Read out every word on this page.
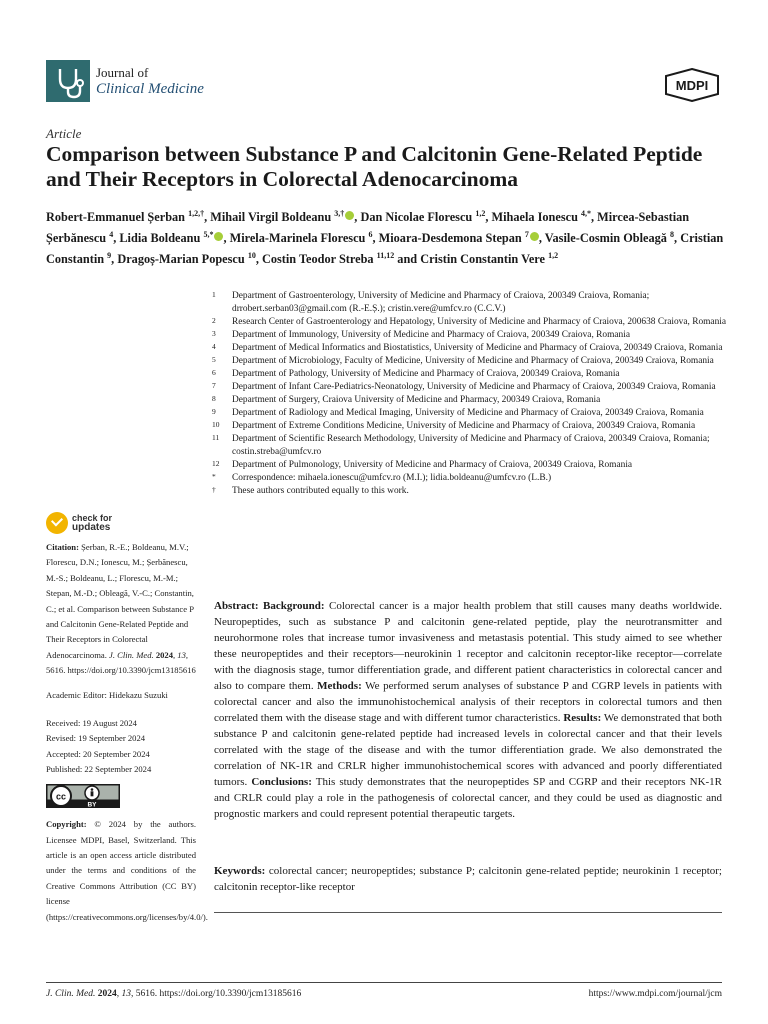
Journal of
Clinical Medicine	MDPI
Article
Comparison between Substance P and Calcitonin Gene-Related Peptide and Their Receptors in Colorectal Adenocarcinoma
Robert-Emmanuel Șerban $^{1,2,\dagger}$, Mihail Virgil Boldeanu $^{3,\dagger}$ , Dan Nicolae Florescu $^{1,2}$, Mihaela Ionescu $^{4,*}$, Mircea-Sebastian Șerbănescu $^4$, Lidia Boldeanu $^{5,*}$ , Mirela-Marinela Florescu $^6$, Mioara-Desdemona Stepan $^7$ , Vasile-Cosmin Obleagă $^8$, Cristian Constantin $^9$, Dragoș-Marian Popescu $^{10}$, Costin Teodor Streba $^{11,12}$ and Cristin Constantin Vere $^{1,2}$
1 Department of Gastroenterology, University of Medicine and Pharmacy of Craiova, 200349 Craiova, Romania; drrobert.serban03@gmail.com (R.-E.Ș.); cristin.vere@umfcv.ro (C.C.V.)
2 Research Center of Gastroenterology and Hepatology, University of Medicine and Pharmacy of Craiova, 200638 Craiova, Romania
3 Department of Immunology, University of Medicine and Pharmacy of Craiova, 200349 Craiova, Romania
4 Department of Medical Informatics and Biostatistics, University of Medicine and Pharmacy of Craiova, 200349 Craiova, Romania
5 Department of Microbiology, Faculty of Medicine, University of Medicine and Pharmacy of Craiova, 200349 Craiova, Romania
6 Department of Pathology, University of Medicine and Pharmacy of Craiova, 200349 Craiova, Romania
7 Department of Infant Care-Pediatrics-Neonatology, University of Medicine and Pharmacy of Craiova, 200349 Craiova, Romania
8 Department of Surgery, Craiova University of Medicine and Pharmacy, 200349 Craiova, Romania
9 Department of Radiology and Medical Imaging, University of Medicine and Pharmacy of Craiova, 200349 Craiova, Romania
10 Department of Extreme Conditions Medicine, University of Medicine and Pharmacy of Craiova, 200349 Craiova, Romania
11 Department of Scientific Research Methodology, University of Medicine and Pharmacy of Craiova, 200349 Craiova, Romania; costin.streba@umfcv.ro
12 Department of Pulmonology, University of Medicine and Pharmacy of Craiova, 200349 Craiova, Romania
* Correspondence: mihaela.ionescu@umfcv.ro (M.I.); lidia.boldeanu@umfcv.ro (L.B.)
† These authors contributed equally to this work.
check for
updates
Citation: Șerban, R.-E.; Boldeanu, M.V.; Florescu, D.N.; Ionescu, M.; Șerbănescu, M.-S.; Boldeanu, L.; Florescu, M.-M.; Stepan, M.-D.; Obleagă, V.-C.; Constantin, C.; et al. Comparison between Substance P and Calcitonin Gene-Related Peptide and Their Receptors in Colorectal Adenocarcinoma. J. Clin. Med. 2024, 13, 5616. https://doi.org/10.3390/jcm13185616
Academic Editor: Hidekazu Suzuki
Received: 19 August 2024
Revised: 19 September 2024
Accepted: 20 September 2024
Published: 22 September 2024
cc
BY
Copyright: © 2024 by the authors. Licensee MDPI, Basel, Switzerland. This article is an open access article distributed under the terms and conditions of the Creative Commons Attribution (CC BY) license (https://creativecommons.org/licenses/by/4.0/).
Abstract: Background: Colorectal cancer is a major health problem that still causes many deaths worldwide. Neuropeptides, such as substance P and calcitonin gene-related peptide, play the neurotransmitter and neurohormone roles that increase tumor invasiveness and metastasis potential. This study aimed to see whether these neuropeptides and their receptors—neurokinin 1 receptor and calcitonin receptor-like receptor—correlate with the diagnosis stage, tumor differentiation grade, and different patient characteristics in colorectal cancer and also to compare them. Methods: We performed serum analyses of substance P and CGRP levels in patients with colorectal cancer and also the immunohistochemical analysis of their receptors in colorectal tumors and then correlated them with the disease stage and with different tumor characteristics. Results: We demonstrated that both substance P and calcitonin gene-related peptide had increased levels in colorectal cancer and that their levels correlated with the stage of the disease and with the tumor differentiation grade. We also demonstrated the correlation of NK-1R and CRLR higher immunohistochemical scores with advanced and poorly differentiated tumors. Conclusions: This study demonstrates that the neuropeptides SP and CGRP and their receptors NK-1R and CRLR could play a role in the pathogenesis of colorectal cancer, and they could be used as diagnostic and prognostic markers and could represent potential therapeutic targets.
Keywords: colorectal cancer; neuropeptides; substance P; calcitonin gene-related peptide; neurokinin 1 receptor; calcitonin receptor-like receptor
J. Clin. Med. 2024, 13, 5616. https://doi.org/10.3390/jcm13185616	https://www.mdpi.com/journal/jcm
